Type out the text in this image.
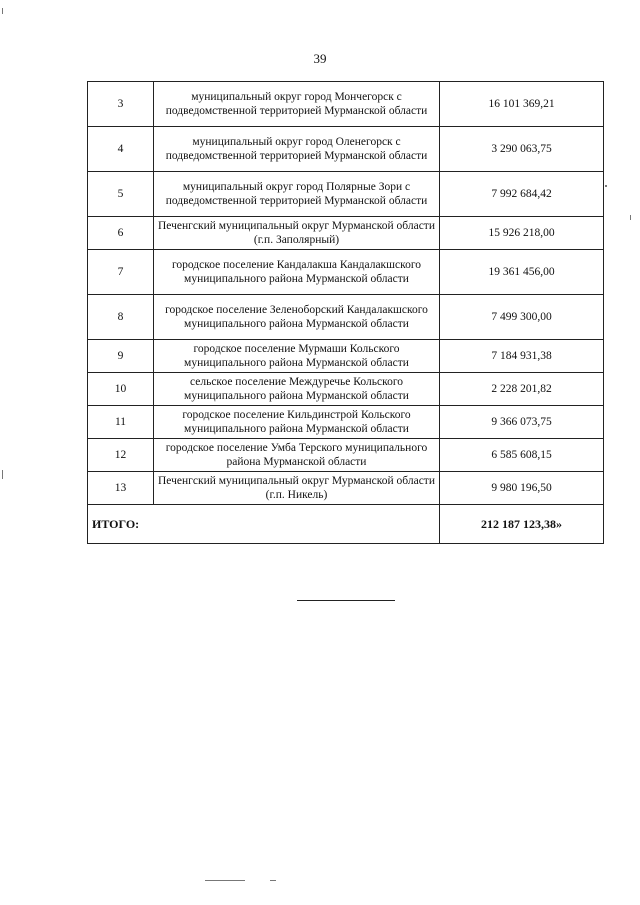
39
3	муниципальный округ город Мончегорск с подведомственной территорией Мурманской области	16 101 369,21
4	муниципальный округ город Оленегорск с подведомственной территорией Мурманской области	3 290 063,75
5	муниципальный округ город Полярные Зори с подведомственной территорией Мурманской области	7 992 684,42
6	Печенгский муниципальный округ Мурманской области (г.п. Заполярный)	15 926 218,00
7	городское поселение Кандалакша Кандалакшского муниципального района Мурманской области	19 361 456,00
8	городское поселение Зеленоборский Кандалакшского муниципального района Мурманской области	7 499 300,00
9	городское поселение Мурмаши Кольского муниципального района Мурманской области	7 184 931,38
10	сельское поселение Междуречье Кольского муниципального района Мурманской области	2 228 201,82
11	городское поселение Кильдинстрой Кольского муниципального района Мурманской области	9 366 073,75
12	городское поселение Умба Терского муниципального района Мурманской области	6 585 608,15
13	Печенгский муниципальный округ Мурманской области (г.п. Никель)	9 980 196,50
ИТОГО:		212 187 123,38»
